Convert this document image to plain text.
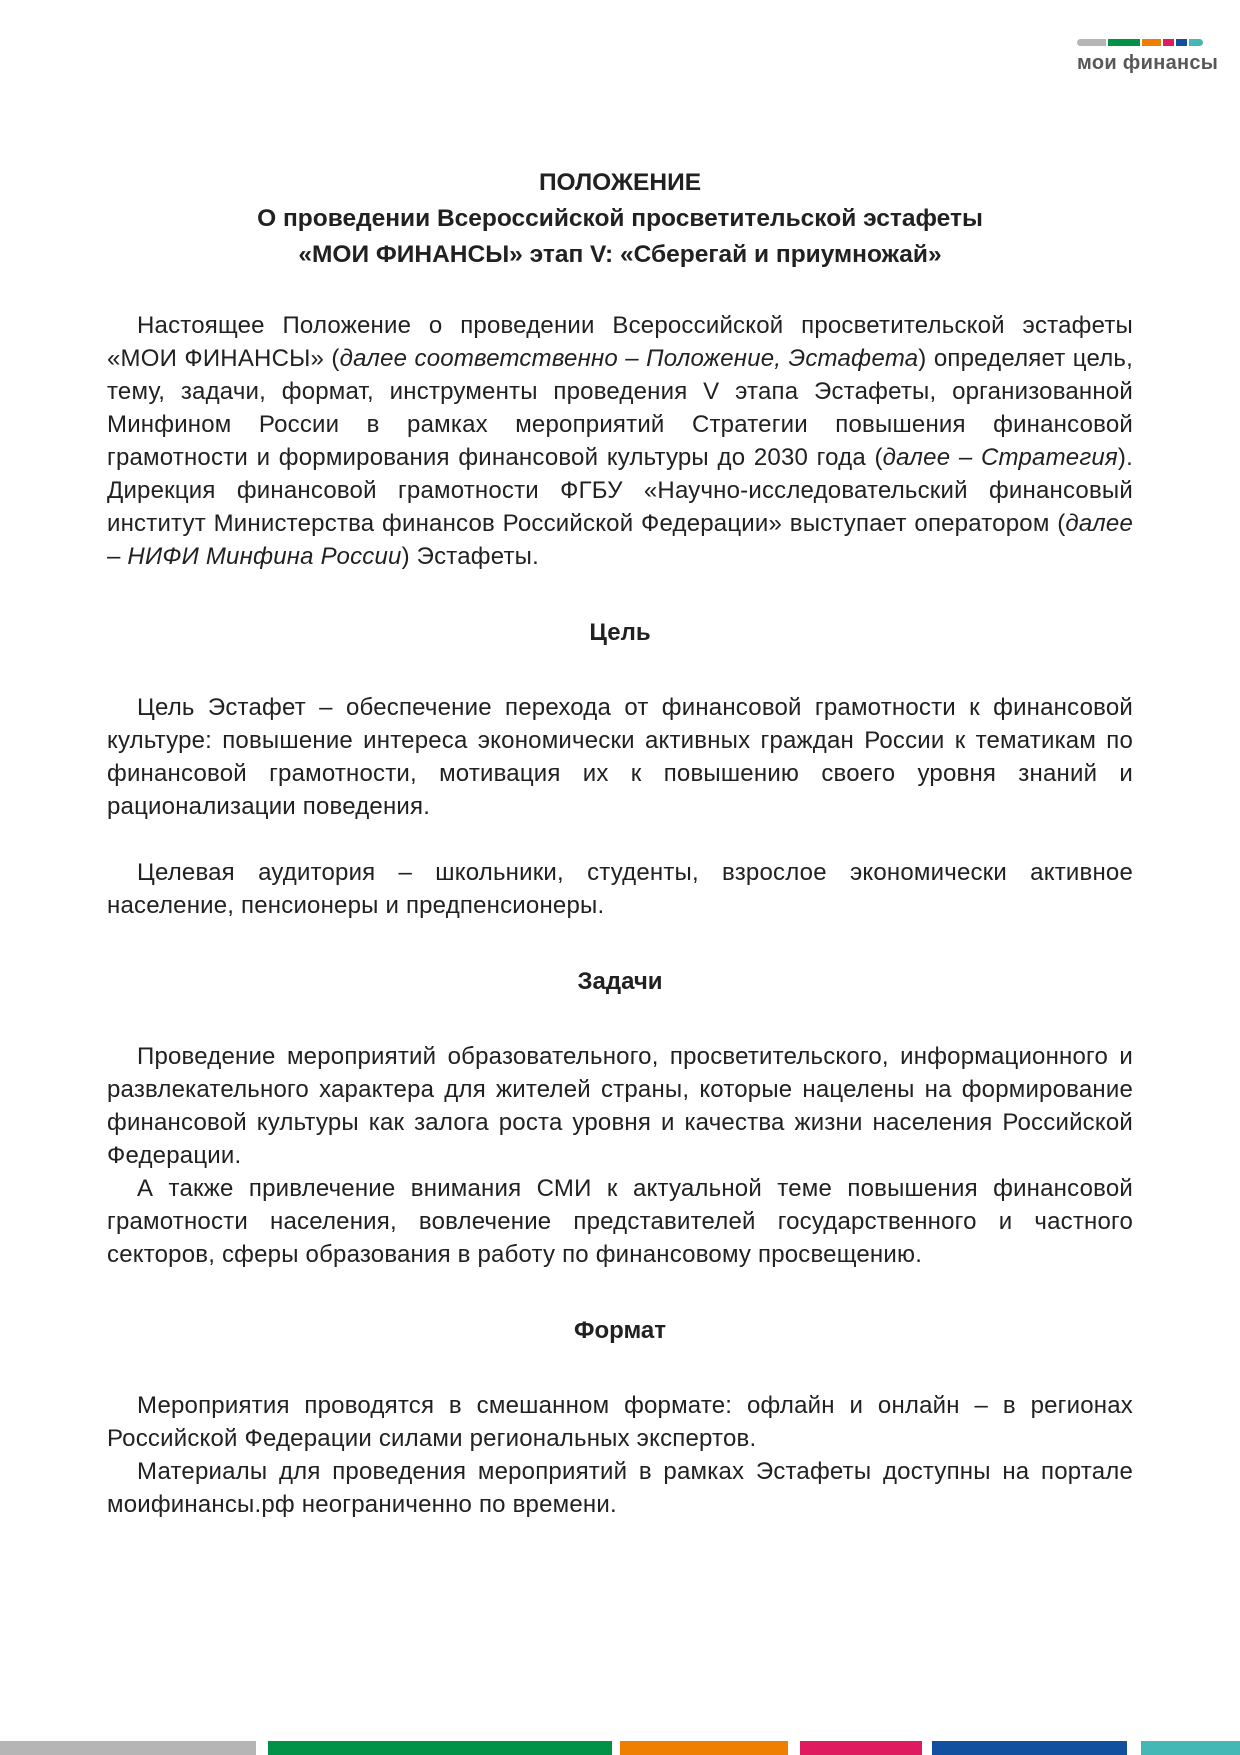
мои финансы
ПОЛОЖЕНИЕ
О проведении Всероссийской просветительской эстафеты
«МОИ ФИНАНСЫ» этап V: «Сберегай и приумножай»

Настоящее Положение о проведении Всероссийской просветительской эстафеты «МОИ ФИНАНСЫ» (далее соответственно – Положение, Эстафета) определяет цель, тему, задачи, формат, инструменты проведения V этапа Эстафеты, организованной Минфином России в рамках мероприятий Стратегии повышения финансовой грамотности и формирования финансовой культуры до 2030 года (далее – Стратегия). Дирекция финансовой грамотности ФГБУ «Научно-исследовательский финансовый институт Министерства финансов Российской Федерации» выступает оператором (далее – НИФИ Минфина России) Эстафеты.

Цель

Цель Эстафет – обеспечение перехода от финансовой грамотности к финансовой культуре: повышение интереса экономически активных граждан России к тематикам по финансовой грамотности, мотивация их к повышению своего уровня знаний и рационализации поведения.

Целевая аудитория – школьники, студенты, взрослое экономически активное население, пенсионеры и предпенсионеры.

Задачи

Проведение мероприятий образовательного, просветительского, информационного и развлекательного характера для жителей страны, которые нацелены на формирование финансовой культуры как залога роста уровня и качества жизни населения Российской Федерации.

А также привлечение внимания СМИ к актуальной теме повышения финансовой грамотности населения, вовлечение представителей государственного и частного секторов, сферы образования в работу по финансовому просвещению.

Формат

Мероприятия проводятся в смешанном формате: офлайн и онлайн – в регионах Российской Федерации силами региональных экспертов.

Материалы для проведения мероприятий в рамках Эстафеты доступны на портале моифинансы.рф неограниченно по времени.
